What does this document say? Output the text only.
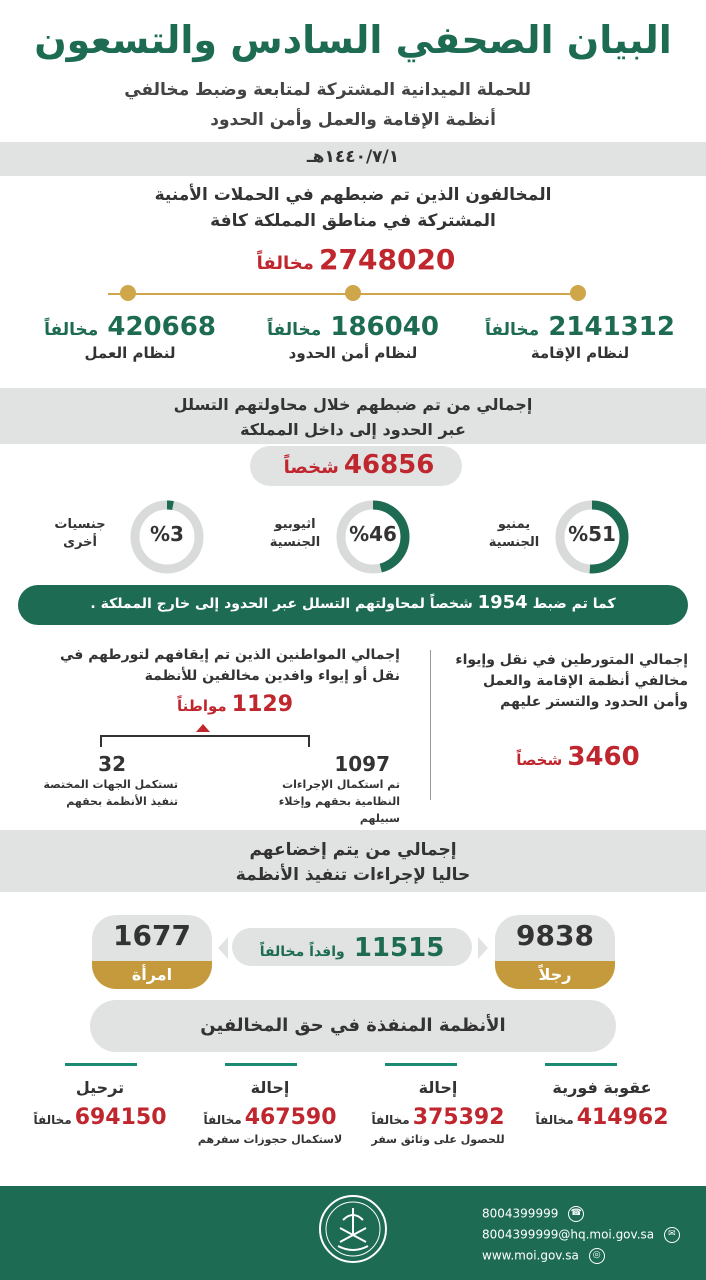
البيان الصحفي السادس والتسعون
للحملة الميدانية المشتركة لمتابعة وضبط مخالفي
أنظمة الإقامة والعمل وأمن الحدود
١٤٤٠/٧/١هـ
المخالفون الذين تم ضبطهم في الحملات الأمنية
المشتركة في مناطق المملكة كافة
2748020 مخالفاً
2141312 مخالفاً
لنظام الإقامة
186040 مخالفاً
لنظام أمن الحدود
420668 مخالفاً
لنظام العمل
إجمالي من تم ضبطهم خلال محاولتهم التسلل
عبر الحدود إلى داخل المملكة
46856 شخصاً
%51
يمنيو
الجنسية
%46
اثيوبيو
الجنسية
%3
جنسيات
أخرى
كما تم ضبط 1954 شخصاً لمحاولتهم التسلل عبر الحدود إلى خارج المملكة .
إجمالي المواطنين الذين تم إيقافهم لتورطهم في
نقل أو إيواء وافدين مخالفين للأنظمة
1129 مواطناً
1097
تم استكمال الإجراءات
النظامية بحقهم وإخلاء سبيلهم
32
تستكمل الجهات المختصة
تنفيذ الأنظمة بحقهم
إجمالي المتورطين في نقل وإيواء
مخالفي أنظمة الإقامة والعمل
وأمن الحدود والتستر عليهم
3460 شخصاً
إجمالي من يتم إخضاعهم
حاليا لإجراءات تنفيذ الأنظمة
9838
رجلاً
11515 وافداً مخالفاً
1677
امرأة
الأنظمة المنفذة في حق المخالفين
عقوبة فورية
414962مخالفاً
إحالة
375392مخالفاً
للحصول على وثائق سفر
إحالة
467590مخالفاً
لاستكمال حجوزات سفرهم
ترحيل
694150مخالفاً
8004399999 ☎
8004399999@hq.moi.gov.sa ✉
www.moi.gov.sa ◎
